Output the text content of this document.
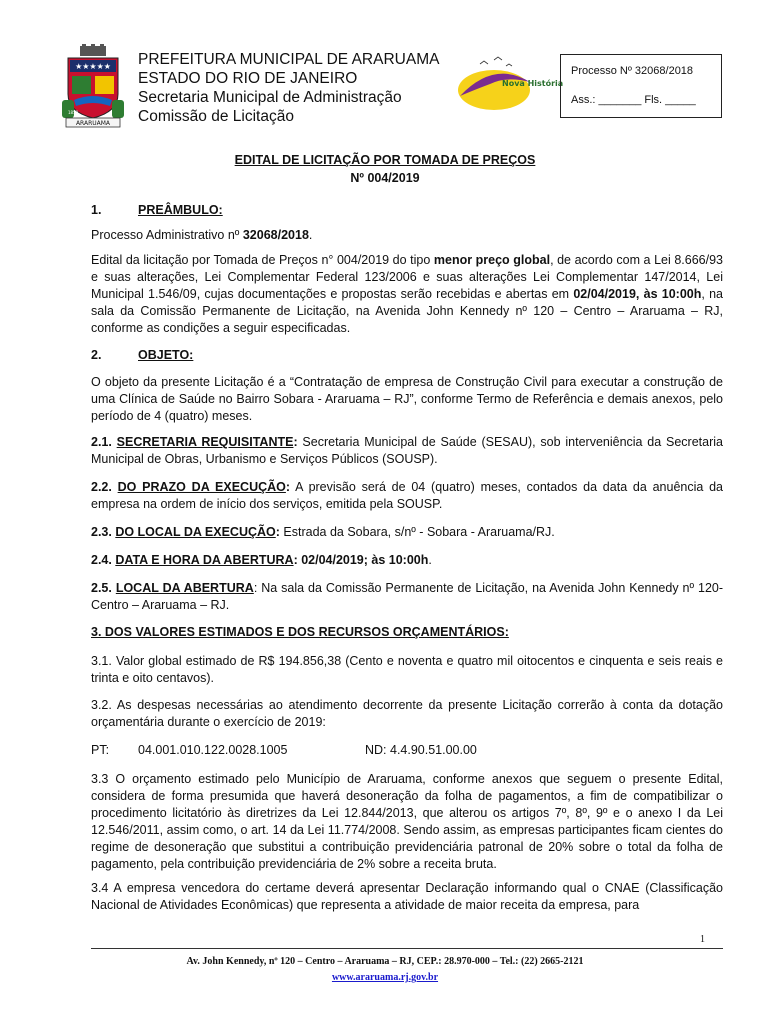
★★★★★
ARARUAMA
1859
PREFEITURA MUNICIPAL DE ARARUAMA
ESTADO DO RIO DE JANEIRO
Secretaria Municipal de Administração
Comissão de Licitação
Nova História
Processo Nº 32068/2018
Ass.: _______ Fls. _____
EDITAL DE LICITAÇÃO POR TOMADA DE PREÇOS
Nº 004/2019
1.	PREÂMBULO:
Processo Administrativo nº 32068/2018.
Edital da licitação por Tomada de Preços n° 004/2019 do tipo menor preço global, de acordo com a Lei 8.666/93 e suas alterações, Lei Complementar Federal 123/2006 e suas alterações Lei Complementar 147/2014, Lei Municipal 1.546/09, cujas documentações e propostas serão recebidas e abertas em 02/04/2019, às 10:00h, na sala da Comissão Permanente de Licitação, na Avenida John Kennedy nº 120 – Centro – Araruama – RJ, conforme as condições a seguir especificadas.
2.	OBJETO:
O objeto da presente Licitação é a “Contratação de empresa de Construção Civil para executar a construção de uma Clínica de Saúde no Bairro Sobara - Araruama – RJ”, conforme Termo de Referência e demais anexos, pelo período de 4 (quatro) meses.
2.1. SECRETARIA REQUISITANTE: Secretaria Municipal de Saúde (SESAU), sob interveniência da Secretaria Municipal de Obras, Urbanismo e Serviços Públicos (SOUSP).
2.2. DO PRAZO DA EXECUÇÃO: A previsão será de 04 (quatro) meses, contados da data da anuência da empresa na ordem de início dos serviços, emitida pela SOUSP.
2.3. DO LOCAL DA EXECUÇÃO: Estrada da Sobara, s/nº - Sobara - Araruama/RJ.
2.4. DATA E HORA DA ABERTURA: 02/04/2019; às 10:00h.
2.5. LOCAL DA ABERTURA: Na sala da Comissão Permanente de Licitação, na Avenida John Kennedy nº 120- Centro – Araruama – RJ.
3. DOS VALORES ESTIMADOS E DOS RECURSOS ORÇAMENTÁRIOS:
3.1. Valor global estimado de R$ 194.856,38 (Cento e noventa e quatro mil oitocentos e cinquenta e seis reais e trinta e oito centavos).
3.2. As despesas necessárias ao atendimento decorrente da presente Licitação correrão à conta da dotação orçamentária durante o exercício de 2019:
PT: 04.001.010.122.0028.1005	ND: 4.4.90.51.00.00
3.3 O orçamento estimado pelo Município de Araruama, conforme anexos que seguem o presente Edital, considera de forma presumida que haverá desoneração da folha de pagamentos, a fim de compatibilizar o procedimento licitatório às diretrizes da Lei 12.844/2013, que alterou os artigos 7º, 8º, 9º e o anexo I da Lei 12.546/2011, assim como, o art. 14 da Lei 11.774/2008. Sendo assim, as empresas participantes ficam cientes do regime de desoneração que substitui a contribuição previdenciária patronal de 20% sobre o total da folha de pagamento, pela contribuição previdenciária de 2% sobre a receita bruta.
3.4 A empresa vencedora do certame deverá apresentar Declaração informando qual o CNAE (Classificação Nacional de Atividades Econômicas) que representa a atividade de maior receita da empresa, para
1
Av. John Kennedy, nº 120 – Centro – Araruama – RJ, CEP.: 28.970-000 – Tel.: (22) 2665-2121
www.araruama.rj.gov.br
